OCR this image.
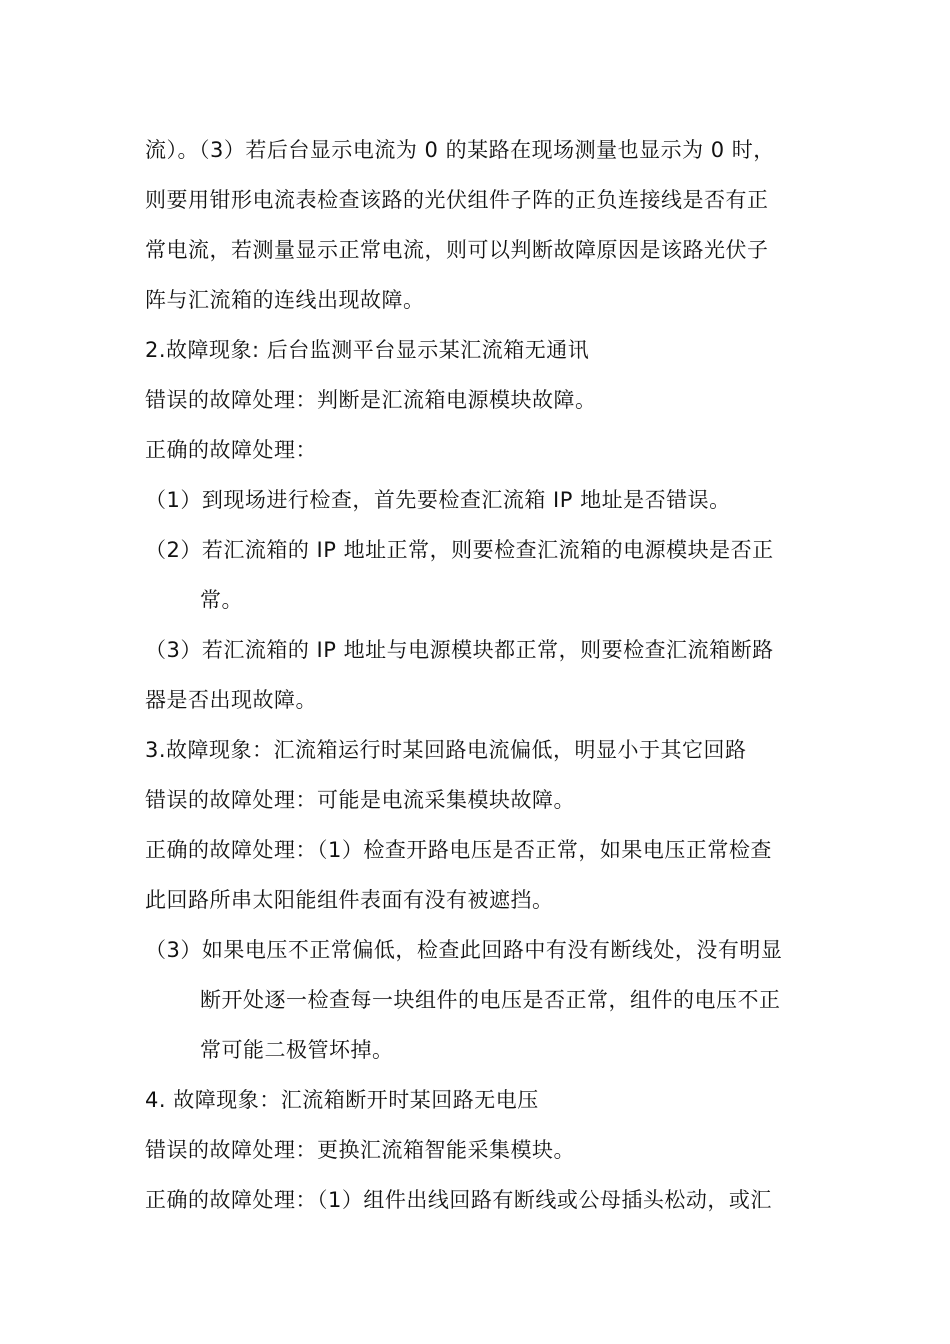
流）。（3）若后台显示电流为 0 的某路在现场测量也显示为 0 时，
则要用钳形电流表检查该路的光伏组件子阵的正负连接线是否有正
常电流，若测量显示正常电流，则可以判断故障原因是该路光伏子
阵与汇流箱的连线出现故障。
2.故障现象: 后台监测平台显示某汇流箱无通讯
错误的故障处理：判断是汇流箱电源模块故障。
正确的故障处理：
（1）到现场进行检查，首先要检查汇流箱 IP 地址是否错误。
（2）若汇流箱的 IP 地址正常，则要检查汇流箱的电源模块是否正
常。
（3）若汇流箱的 IP 地址与电源模块都正常，则要检查汇流箱断路
器是否出现故障。
3.故障现象：汇流箱运行时某回路电流偏低，明显小于其它回路
错误的故障处理：可能是电流采集模块故障。
正确的故障处理：（1）检查开路电压是否正常，如果电压正常检查
此回路所串太阳能组件表面有没有被遮挡。
（3）如果电压不正常偏低，检查此回路中有没有断线处，没有明显
断开处逐一检查每一块组件的电压是否正常，组件的电压不正
常可能二极管坏掉。
4. 故障现象：汇流箱断开时某回路无电压
错误的故障处理：更换汇流箱智能采集模块。
正确的故障处理：（1）组件出线回路有断线或公母插头松动，或汇
